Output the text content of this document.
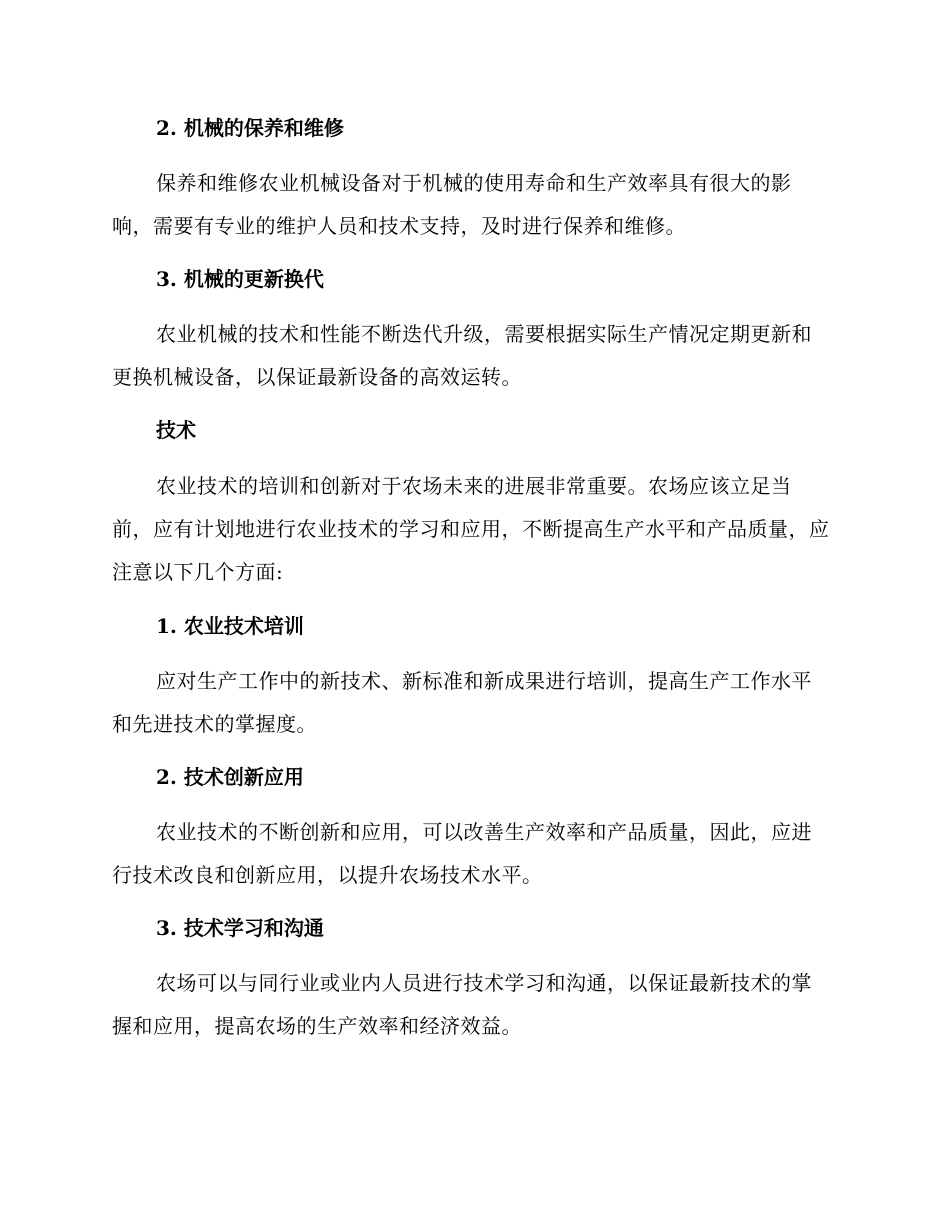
2. 机械的保养和维修
保养和维修农业机械设备对于机械的使用寿命和生产效率具有很大的影响，需要有专业的维护人员和技术支持，及时进行保养和维修。
3. 机械的更新换代
农业机械的技术和性能不断迭代升级，需要根据实际生产情况定期更新和更换机械设备，以保证最新设备的高效运转。
技术
农业技术的培训和创新对于农场未来的进展非常重要。农场应该立足当前，应有计划地进行农业技术的学习和应用，不断提高生产水平和产品质量，应注意以下几个方面:
1. 农业技术培训
应对生产工作中的新技术、新标准和新成果进行培训，提高生产工作水平和先进技术的掌握度。
2. 技术创新应用
农业技术的不断创新和应用，可以改善生产效率和产品质量，因此，应进行技术改良和创新应用，以提升农场技术水平。
3. 技术学习和沟通
农场可以与同行业或业内人员进行技术学习和沟通，以保证最新技术的掌握和应用，提高农场的生产效率和经济效益。
